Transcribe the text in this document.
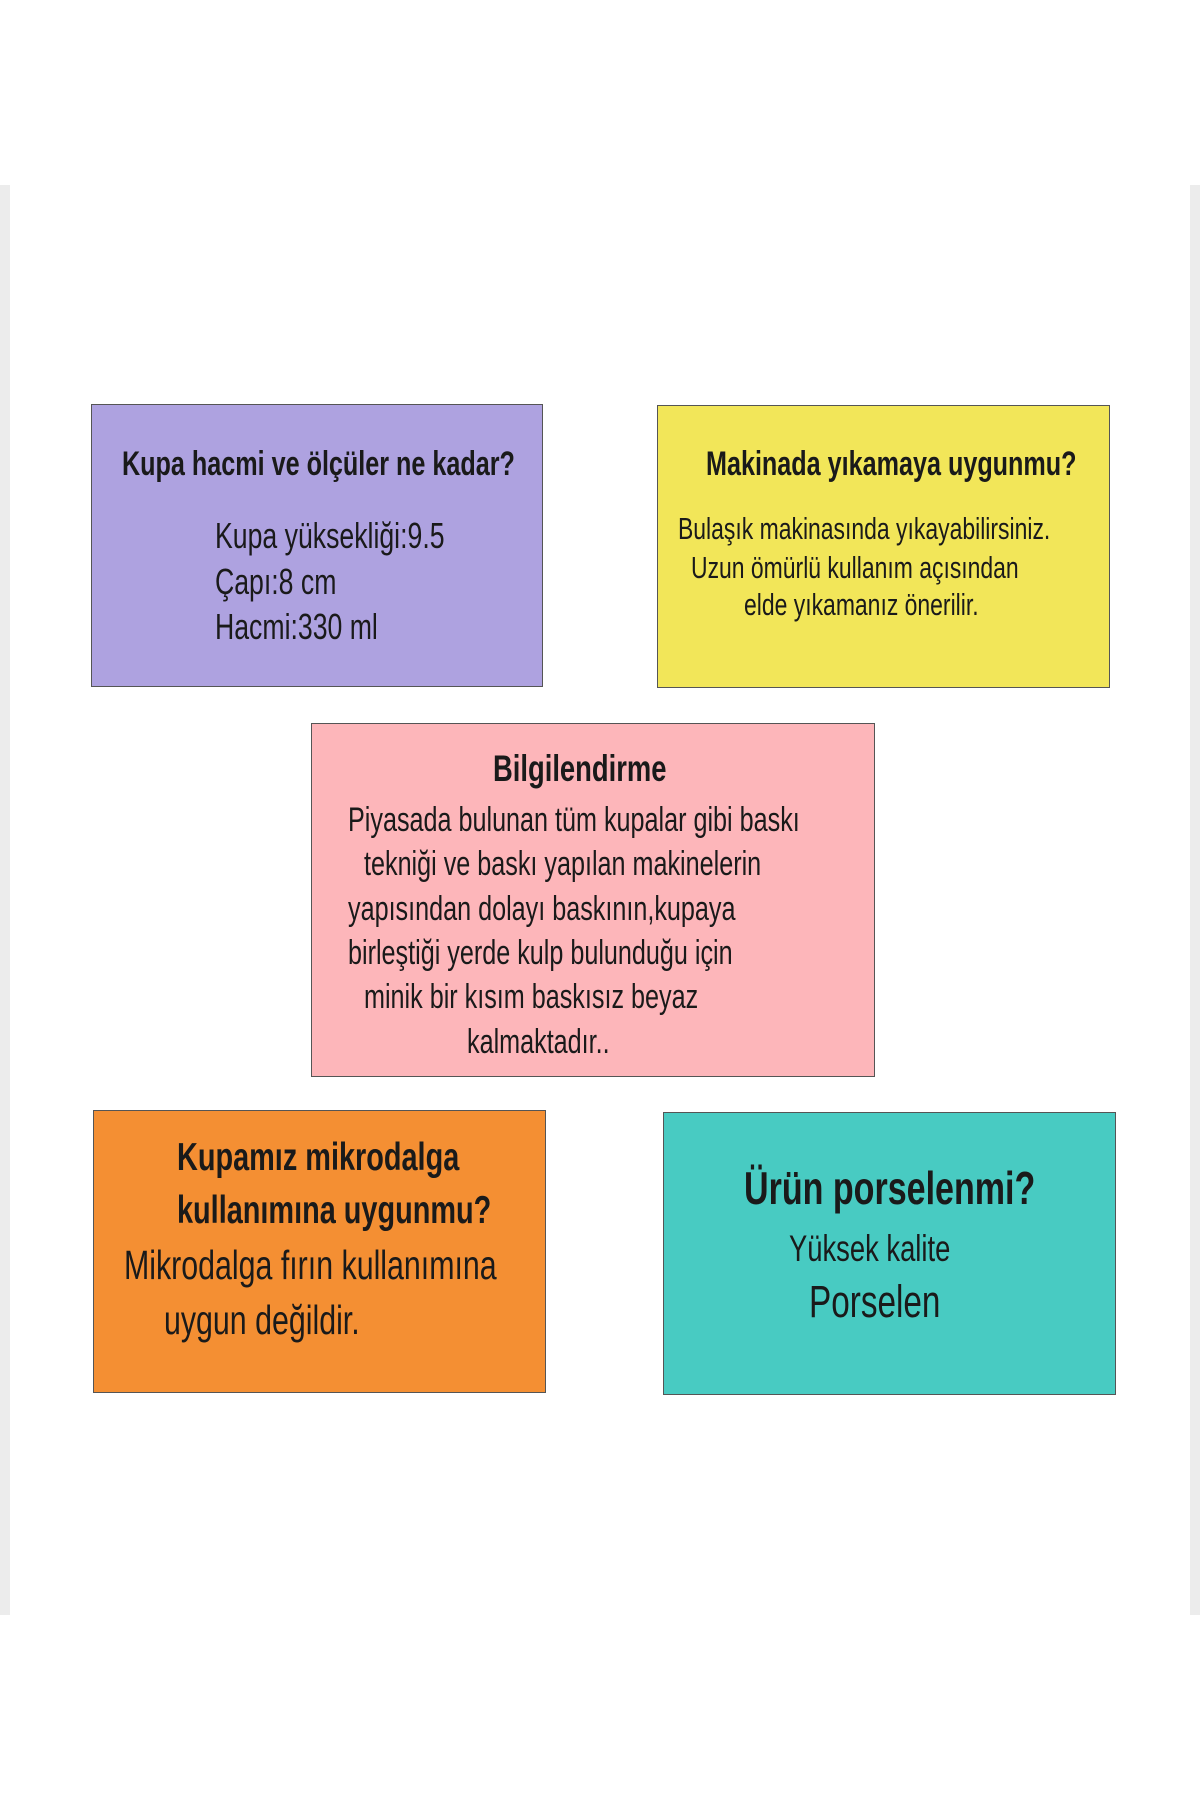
Kupa hacmi ve ölçüler ne kadar?
Kupa yüksekliği:9.5
Çapı:8 cm
Hacmi:330 ml
Makinada yıkamaya uygunmu?
Bulaşık makinasında yıkayabilirsiniz.
Uzun ömürlü kullanım açısından
elde yıkamanız önerilir.
Bilgilendirme
Piyasada bulunan tüm kupalar gibi baskı
tekniği ve baskı yapılan makinelerin
yapısından dolayı baskının,kupaya
birleştiği yerde kulp bulunduğu için
minik bir kısım baskısız beyaz
kalmaktadır..
Kupamız mikrodalga
kullanımına uygunmu?
Mikrodalga fırın kullanımına
uygun değildir.
Ürün porselenmi?
Yüksek kalite
Porselen
